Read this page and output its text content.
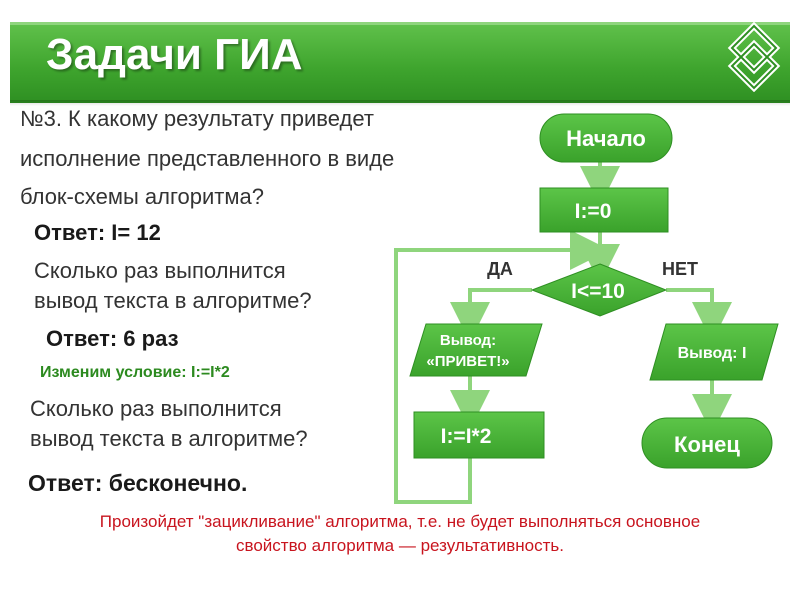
Задачи ГИА
№3. К какому результату приведет
исполнение представленного в виде
блок-схемы алгоритма?
Ответ: I= 12
Сколько раз выполнится
вывод текста в алгоритме?
Ответ: 6 раз
Изменим условие: I:=I*2
Сколько раз выполнится
вывод текста в алгоритме?
Ответ: бесконечно.
Произойдет "зацикливание" алгоритма, т.е. не будет выполняться основное
свойство алгоритма — результативность.
Начало
I:=0
I<=10
ДА	НЕТ
Вывод:
«ПРИВЕТ!»
I:=I*2
Вывод: I
Конец
